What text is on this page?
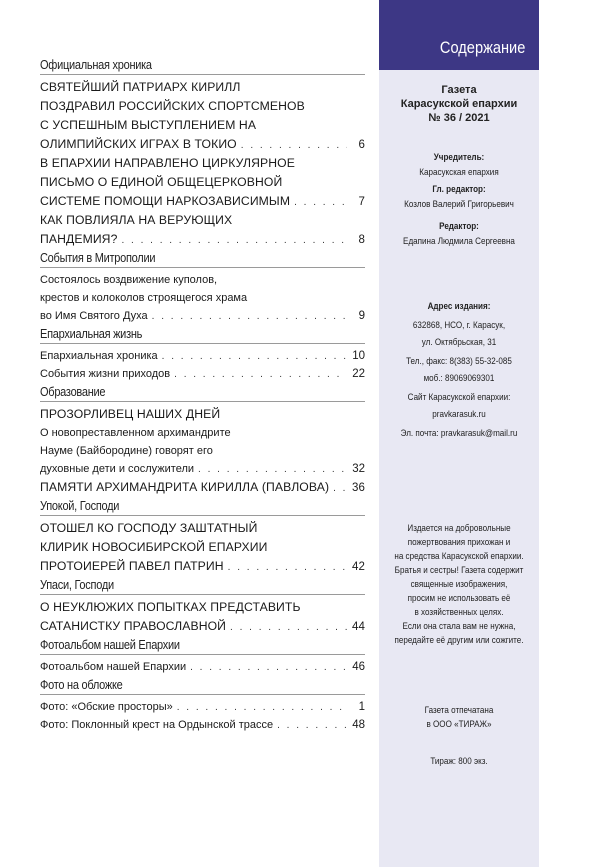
Официальная хроника
СВЯТЕЙШИЙ ПАТРИАРХ КИРИЛЛ
ПОЗДРАВИЛ РОССИЙСКИХ СПОРТСМЕНОВ
С УСПЕШНЫМ ВЫСТУПЛЕНИЕМ НА
ОЛИМПИЙСКИХ ИГРАХ В ТОКИО . . .	6
В ЕПАРХИИ НАПРАВЛЕНО ЦИРКУЛЯРНОЕ
ПИСЬМО О ЕДИНОЙ ОБЩЕЦЕРКОВНОЙ
СИСТЕМЕ ПОМОЩИ НАРКОЗАВИСИМЫМ . . .	7
КАК ПОВЛИЯЛА НА ВЕРУЮЩИХ
ПАНДЕМИЯ? . . .	8
События в Митрополии
Состоялось воздвижение куполов,
крестов и колоколов строящегося храма
во Имя Святого Духа . . .	9
Епархиальная жизнь
Епархиальная хроника . . .	10
События жизни приходов . . .	22
Образование
ПРОЗОРЛИВЕЦ НАШИХ ДНЕЙ
О новопреставленном архимандрите
Науме (Байбородине) говорят его
духовные дети и сослужители . . .	32
ПАМЯТИ АРХИМАНДРИТА КИРИЛЛА (ПАВЛОВА) . . . 36
Упокой, Господи
ОТОШЕЛ КО ГОСПОДУ ЗАШТАТНЫЙ
КЛИРИК НОВОСИБИРСКОЙ ЕПАРХИИ
ПРОТОИЕРЕЙ ПАВЕЛ ПАТРИН . . .	42
Упаси, Господи
О НЕУКЛЮЖИХ ПОПЫТКАХ ПРЕДСТАВИТЬ
САТАНИСТКУ ПРАВОСЛАВНОЙ . . .	44
Фотоальбом нашей Епархии
Фотоальбом нашей Епархии . . .	46
Фото на обложке
Фото: «Обские просторы» . . .	1
Фото: Поклонный крест на Ордынской трассе . . .	48
Содержание
Газета
Карасукской епархии
№ 36 / 2021
Учредитель:
Карасукская епархия
Гл. редактор:
Козлов Валерий Григорьевич
Редактор:
Едапина Людмила Сергеевна
Адрес издания:
632868, НСО, г. Карасук,
ул. Октябрьская, 31
Тел., факс: 8(383) 55-32-085
моб.: 89069069301
Сайт Карасукской епархии:
pravkarasuk.ru
Эл. почта: pravkarasuk@mail.ru
Издается на добровольные
пожертвования прихожан и
на средства Карасукской епархии.
Братья и сестры! Газета содержит
священные изображения,
просим не использовать её
в хозяйственных целях.
Если она стала вам не нужна,
передайте её другим или сожгите.
Газета отпечатана
в ООО «ТИРАЖ»
Тираж: 800 экз.
